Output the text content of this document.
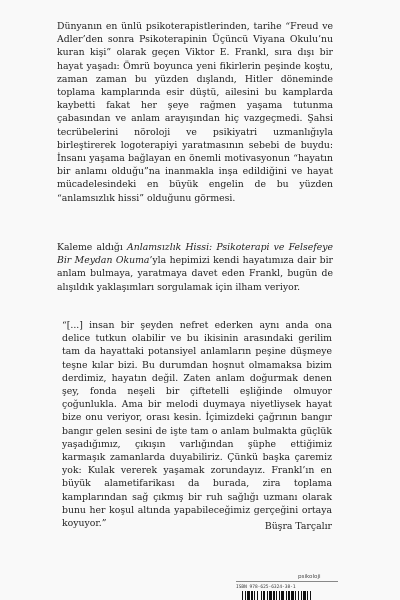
Dünyanın en ünlü psikoterapistlerinden, tarihe “Freud ve Adler’den sonra Psikoterapinin Üçüncü Viyana Okulu’nu kuran kişi” olarak geçen Viktor E. Frankl, sıra dışı bir hayat yaşadı: Ömrü boyunca yeni fikirlerin peşinde koştu, zaman zaman bu yüzden dışlandı, Hitler döneminde toplama kamplarında esir düştü, ailesini bu kamplarda kaybetti fakat her şeye rağmen yaşama tutunma çabasından ve anlam arayışından hiç vazgeçmedi. Şahsi tecrübelerini nöroloji ve psikiyatri uzmanlığıyla birleştirerek logoterapiyi yaratmasının sebebi de buydu: İnsanı yaşama bağlayan en önemli motivasyonun “hayatın bir anlamı olduğu”na inanmakla inşa edildiğini ve hayat mücadelesindeki en büyük engelin de bu yüzden “anlamsızlık hissi” olduğunu görmesi.

Kaleme aldığı Anlamsızlık Hissi: Psikoterapi ve Felsefeye Bir Meydan Okuma’yla hepimizi kendi hayatımıza dair bir anlam bulmaya, yaratmaya davet eden Frankl, bugün de alışıldık yaklaşımları sorgulamak için ilham veriyor.

“[...] insan bir şeyden nefret ederken aynı anda ona delice tutkun olabilir ve bu ikisinin arasındaki gerilim tam da hayattaki potansiyel anlamların peşine düşmeye teşne kılar bizi. Bu durumdan hoşnut olmamaksa bizim derdimiz, hayatın değil. Zaten anlam doğurmak denen şey, fonda neşeli bir çiftetelli eşliğinde olmuyor çoğunlukla. Ama bir melodi duymaya niyetliysek hayat bize onu veriyor, orası kesin. İçimizdeki çağrının bangır bangır gelen sesini de işte tam o anlam bulmakta güçlük yaşadığımız, çıkışın varlığından şüphe ettiğimiz karmaşık zamanlarda duyabiliriz. Çünkü başka çaremiz yok: Kulak vererek yaşamak zorundayız. Frankl’ın en büyük alametifarikası da burada, zira toplama kamplarından sağ çıkmış bir ruh sağlığı uzmanı olarak bunu her koşul altında yapabileceğimiz gerçeğini ortaya koyuyor.”	Büşra Tarçalır
psikoloji
ISBN 978-625-6324-38-1
